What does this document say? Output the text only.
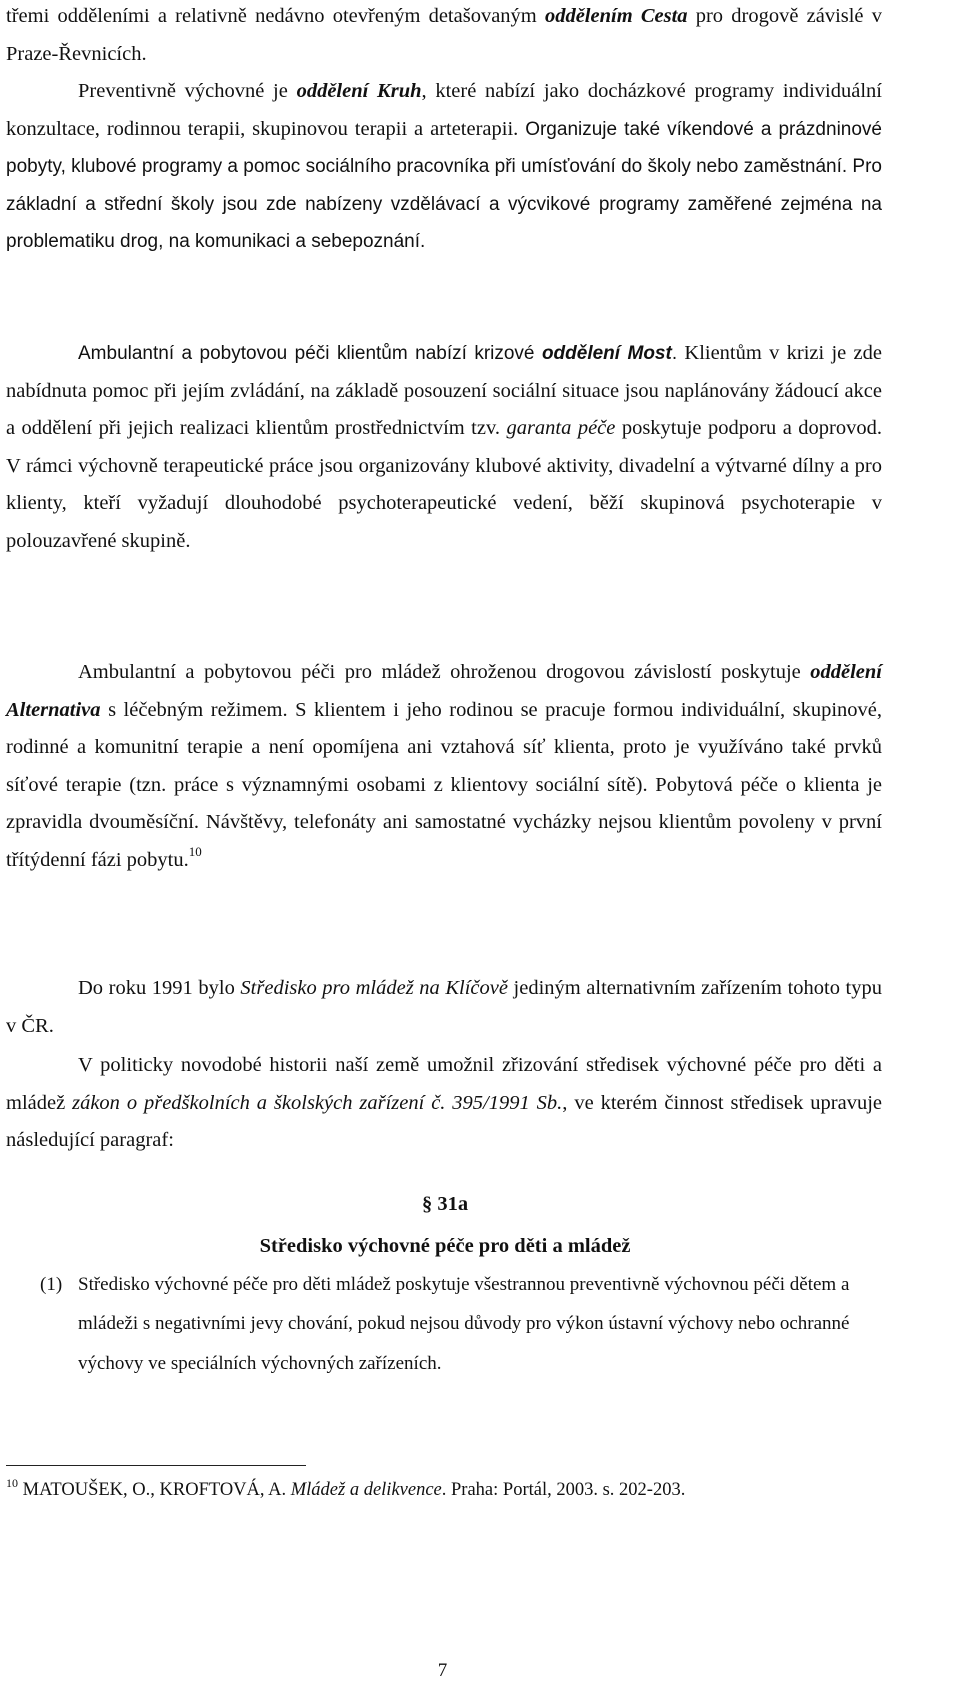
třemi odděleními a relativně nedávno otevřeným detašovaným oddělením Cesta pro drogově závislé v Praze-Řevnicích.

Preventivně výchovné je oddělení Kruh, které nabízí jako docházkové programy individuální konzultace, rodinnou terapii, skupinovou terapii a arteterapii. Organizuje také víkendové a prázdninové pobyty, klubové programy a pomoc sociálního pracovníka při umísťování do školy nebo zaměstnání. Pro základní a střední školy jsou zde nabízeny vzdělávací a výcvikové programy zaměřené zejména na problematiku drog, na komunikaci a sebepoznání.

Ambulantní a pobytovou péči klientům nabízí krizové oddělení Most. Klientům v krizi je zde nabídnuta pomoc při jejím zvládání, na základě posouzení sociální situace jsou naplánovány žádoucí akce a oddělení při jejich realizaci klientům prostřednictvím tzv. garanta péče poskytuje podporu a doprovod. V rámci výchovně terapeutické práce jsou organizovány klubové aktivity, divadelní a výtvarné dílny a pro klienty, kteří vyžadují dlouhodobé psychoterapeutické vedení, běží skupinová psychoterapie v polouzavřené skupině.

Ambulantní a pobytovou péči pro mládež ohroženou drogovou závislostí poskytuje oddělení Alternativa s léčebným režimem. S klientem i jeho rodinou se pracuje formou individuální, skupinové, rodinné a komunitní terapie a není opomíjena ani vztahová síť klienta, proto je využíváno také prvků síťové terapie (tzn. práce s významnými osobami z klientovy sociální sítě). Pobytová péče o klienta je zpravidla dvouměsíční. Návštěvy, telefonáty ani samostatné vycházky nejsou klientům povoleny v první třítýdenní fázi pobytu.$^{10}$

Do roku 1991 bylo Středisko pro mládež na Klíčově jediným alternativním zařízením tohoto typu v ČR.

V politicky novodobé historii naší země umožnil zřizování středisek výchovné péče pro děti a mládež zákon o předškolních a školských zařízení č. 395/1991 Sb., ve kterém činnost středisek upravuje následující paragraf:

§ 31a

Středisko výchovné péče pro děti a mládež

(1) Středisko výchovné péče pro děti mládež poskytuje všestrannou preventivně výchovnou péči dětem a mládeži s negativními jevy chování, pokud nejsou důvody pro výkon ústavní výchovy nebo ochranné výchovy ve speciálních výchovných zařízeních.

$^{10}$ MATOUŠEK, O., KROFTOVÁ, A. Mládež a delikvence. Praha: Portál, 2003. s. 202-203.

7
